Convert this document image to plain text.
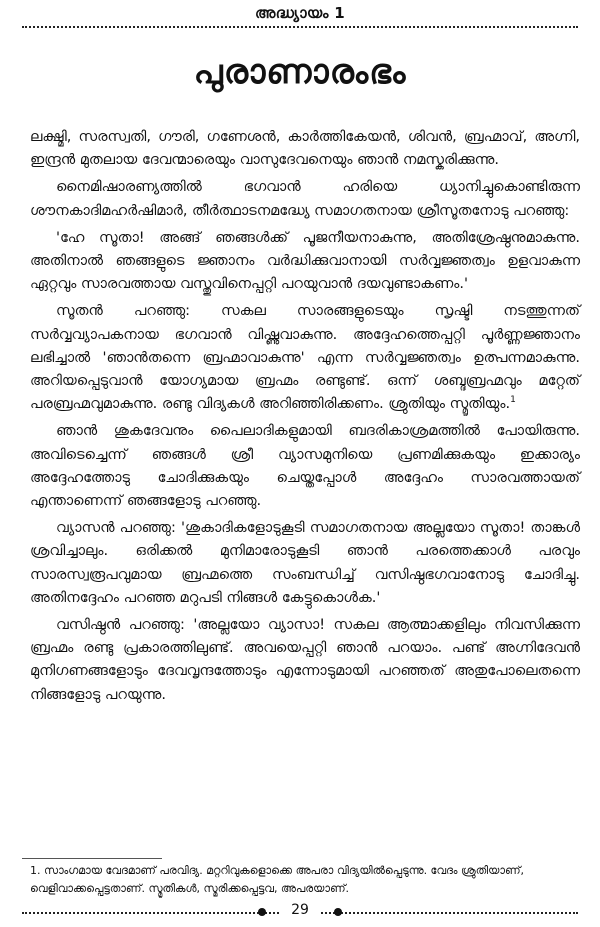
അദ്ധ്യായം 1
പുരാണാരംഭം

ലക്ഷ്മി, സരസ്വതി, ഗൗരി, ഗണേശൻ, കാർത്തികേയൻ, ശിവൻ, ബ്രഹ്മാവ്, അഗ്നി, ഇന്ദ്രൻ മുതലായ ദേവന്മാരെയും വാസുദേവനെയും ഞാൻ നമസ്കരിക്കുന്നു.

നൈമിഷാരണ്യത്തിൽ ഭഗവാൻ ഹരിയെ ധ്യാനിച്ചുകൊണ്ടിരുന്ന ശൗനകാദിമഹർഷിമാർ, തീർത്ഥാടനമദ്ധ്യേ സമാഗതനായ ശ്രീസൂതനോടു പറഞ്ഞു:

'ഹേ സൂതാ! അങ്ങ് ഞങ്ങൾക്ക് പൂജനീയനാകുന്നു, അതിശ്രേഷ്ഠനുമാകുന്നു. അതിനാൽ ഞങ്ങളുടെ ജ്ഞാനം വർദ്ധിക്കുവാനായി സർവ്വജ്ഞത്വം ഉളവാകുന്ന ഏറ്റവും സാരവത്തായ വസ്തുവിനെപ്പറ്റി പറയുവാൻ ദയവുണ്ടാകണം.'

സൂതൻ പറഞ്ഞു: സകല സാരങ്ങളുടെയും സൃഷ്ടി നടത്തുന്നത് സർവ്വവ്യാപകനായ ഭഗവാൻ വിഷ്ണുവാകുന്നു. അദ്ദേഹത്തെപ്പറ്റി പൂർണ്ണജ്ഞാനം ലഭിച്ചാൽ 'ഞാൻതന്നെ ബ്രഹ്മാവാകുന്നു' എന്ന സർവ്വജ്ഞത്വം ഉത്പന്നമാകുന്നു. അറിയപ്പെടുവാൻ യോഗ്യമായ ബ്രഹ്മം രണ്ടുണ്ട്. ഒന്ന് ശബ്ദബ്രഹ്മവും മറ്റേത് പരബ്രഹ്മവുമാകുന്നു. രണ്ടു വിദ്യകൾ അറിഞ്ഞിരിക്കണം. ശ്രുതിയും സ്മൃതിയും.$^1$

ഞാൻ ശുകദേവനും പൈലാദികളുമായി ബദരികാശ്രമത്തിൽ പോയിരുന്നു. അവിടെച്ചെന്ന് ഞങ്ങൾ ശ്രീ വ്യാസമുനിയെ പ്രണമിക്കുകയും ഇക്കാര്യം അദ്ദേഹത്തോടു ചോദിക്കുകയും ചെയ്തപ്പോൾ അദ്ദേഹം സാരവത്തായത് എന്താണെന്ന് ഞങ്ങളോടു പറഞ്ഞു.

വ്യാസൻ പറഞ്ഞു: 'ശുകാദികളോടുകൂടി സമാഗതനായ അല്ലയോ സൂതാ! താങ്കൾ ശ്രവിച്ചാലും. ഒരിക്കൽ മുനിമാരോടുകൂടി ഞാൻ പരത്തെക്കാൾ പരവും സാരസ്വരൂപവുമായ ബ്രഹ്മത്തെ സംബന്ധിച്ച് വസിഷ്ഠഭഗവാനോടു ചോദിച്ചു. അതിനദ്ദേഹം പറഞ്ഞ മറുപടി നിങ്ങൾ കേട്ടുകൊൾക.'

വസിഷ്ഠൻ പറഞ്ഞു: 'അല്ലയോ വ്യാസാ! സകല ആത്മാക്കളിലും നിവസിക്കുന്ന ബ്രഹ്മം രണ്ടു പ്രകാരത്തിലുണ്ട്. അവയെപ്പറ്റി ഞാൻ പറയാം. പണ്ട് അഗ്നിദേവൻ മുനിഗണങ്ങളോടും ദേവവൃന്ദത്തോടും എന്നോടുമായി പറഞ്ഞത് അതുപോലെതന്നെ നിങ്ങളോടു പറയുന്നു.

1. സാംഗമായ വേദമാണ് പരവിദ്യ. മറ്ററിവുകളൊക്കെ അപരാ വിദ്യയിൽപ്പെടുന്നു. വേദം ശ്രുതിയാണ്, വെളിവാക്കപ്പെട്ടതാണ്. സ്മൃതികൾ, സ്മരിക്കപ്പെട്ടവ, അപരയാണ്.
29
